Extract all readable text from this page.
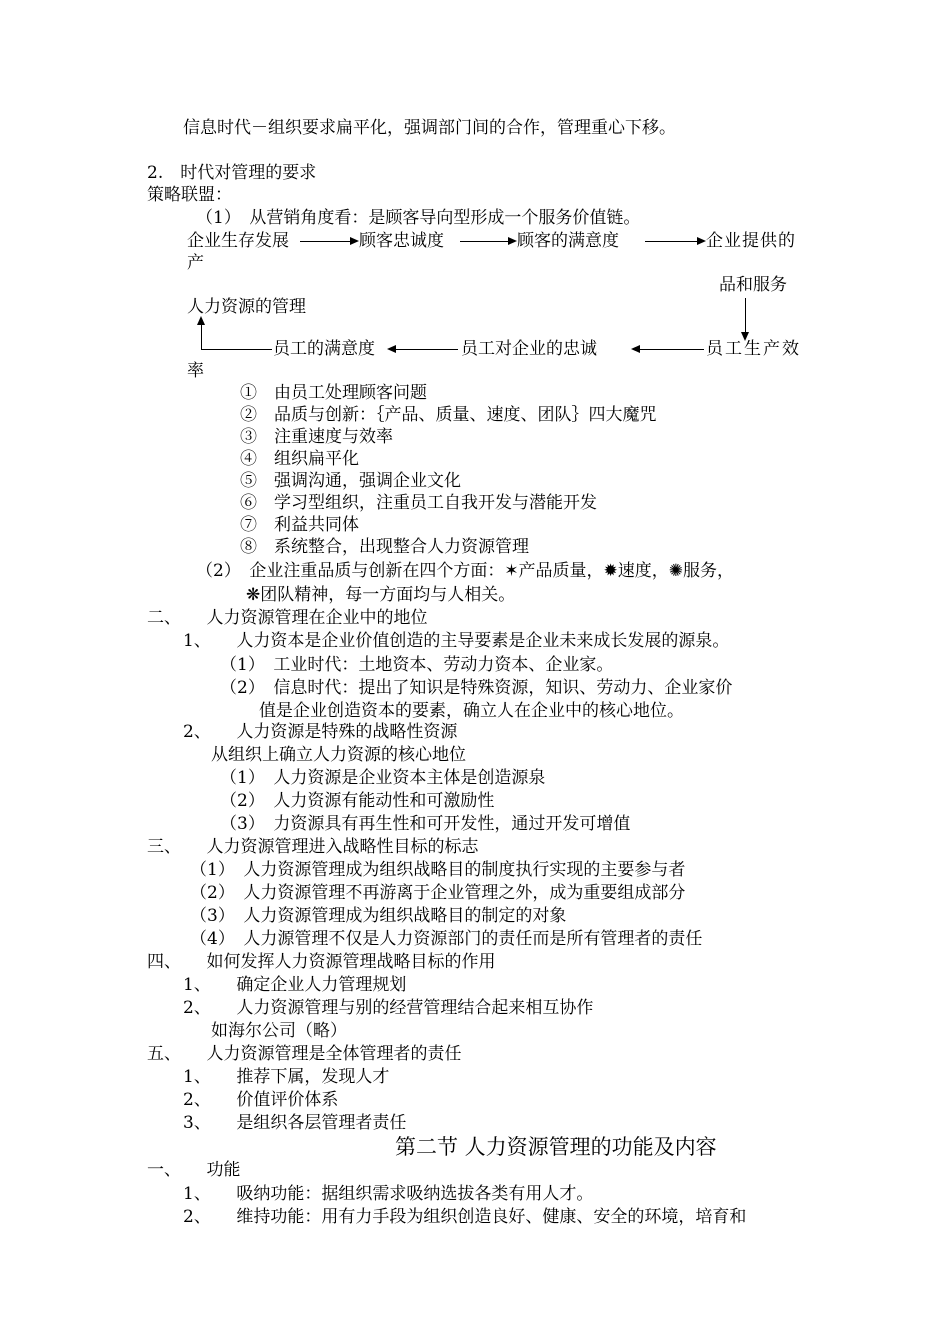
信息时代－组织要求扁平化，强调部门间的合作，管理重心下移。
2.　时代对管理的要求
策略联盟：
（1）　从营销角度看：是顾客导向型形成一个服务价值链。
企业生存发展	顾客忠诚度	顾客的满意度	企业提供的
产
品和服务
人力资源的管理
员工的满意度	员工对企业的忠诚	员工生产效
率
①　由员工处理顾客问题
②　品质与创新：｛产品、质量、速度、团队｝四大魔咒
③　注重速度与效率
④　组织扁平化
⑤　强调沟通，强调企业文化
⑥　学习型组织，注重员工自我开发与潜能开发
⑦　利益共同体
⑧　系统整合，出现整合人力资源管理
（2）　企业注重品质与创新在四个方面：✶产品质量，✹速度，✺服务，
❋团队精神，每一方面均与人相关。
二、　　人力资源管理在企业中的地位
1、　　人力资本是企业价值创造的主导要素是企业未来成长发展的源泉。
（1）　工业时代：土地资本、劳动力资本、企业家。
（2）　信息时代：提出了知识是特殊资源，知识、劳动力、企业家价
值是企业创造资本的要素，确立人在企业中的核心地位。
2、　　人力资源是特殊的战略性资源
从组织上确立人力资源的核心地位
（1）　人力资源是企业资本主体是创造源泉
（2）　人力资源有能动性和可激励性
（3）　力资源具有再生性和可开发性，通过开发可增值
三、　　人力资源管理进入战略性目标的标志
（1）　人力资源管理成为组织战略目的制度执行实现的主要参与者
（2）　人力资源管理不再游离于企业管理之外，成为重要组成部分
（3）　人力资源管理成为组织战略目的制定的对象
（4）　人力源管理不仅是人力资源部门的责任而是所有管理者的责任
四、　　如何发挥人力资源管理战略目标的作用
1、　　确定企业人力管理规划
2、　　人力资源管理与别的经营管理结合起来相互协作
如海尔公司（略）
五、　　人力资源管理是全体管理者的责任
1、　　推荐下属，发现人才
2、　　价值评价体系
3、　　是组织各层管理者责任
第二节 人力资源管理的功能及内容
一、　　功能
1、　　吸纳功能：据组织需求吸纳选拔各类有用人才。
2、　　维持功能：用有力手段为组织创造良好、健康、安全的环境，培育和
